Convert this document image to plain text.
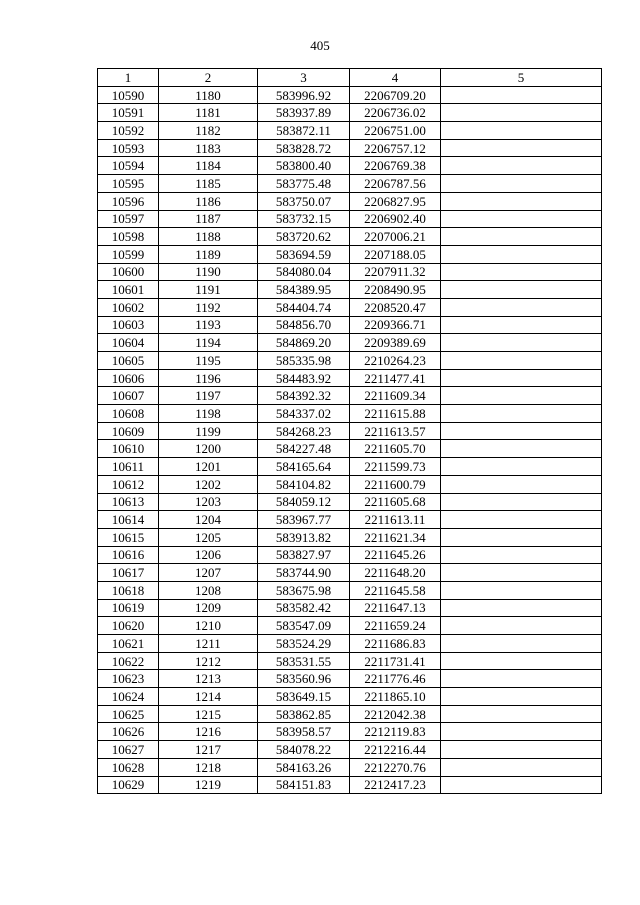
405
1	2	3	4	5
10590	1180	583996.92	2206709.20	
10591	1181	583937.89	2206736.02	
10592	1182	583872.11	2206751.00	
10593	1183	583828.72	2206757.12	
10594	1184	583800.40	2206769.38	
10595	1185	583775.48	2206787.56	
10596	1186	583750.07	2206827.95	
10597	1187	583732.15	2206902.40	
10598	1188	583720.62	2207006.21	
10599	1189	583694.59	2207188.05	
10600	1190	584080.04	2207911.32	
10601	1191	584389.95	2208490.95	
10602	1192	584404.74	2208520.47	
10603	1193	584856.70	2209366.71	
10604	1194	584869.20	2209389.69	
10605	1195	585335.98	2210264.23	
10606	1196	584483.92	2211477.41	
10607	1197	584392.32	2211609.34	
10608	1198	584337.02	2211615.88	
10609	1199	584268.23	2211613.57	
10610	1200	584227.48	2211605.70	
10611	1201	584165.64	2211599.73	
10612	1202	584104.82	2211600.79	
10613	1203	584059.12	2211605.68	
10614	1204	583967.77	2211613.11	
10615	1205	583913.82	2211621.34	
10616	1206	583827.97	2211645.26	
10617	1207	583744.90	2211648.20	
10618	1208	583675.98	2211645.58	
10619	1209	583582.42	2211647.13	
10620	1210	583547.09	2211659.24	
10621	1211	583524.29	2211686.83	
10622	1212	583531.55	2211731.41	
10623	1213	583560.96	2211776.46	
10624	1214	583649.15	2211865.10	
10625	1215	583862.85	2212042.38	
10626	1216	583958.57	2212119.83	
10627	1217	584078.22	2212216.44	
10628	1218	584163.26	2212270.76	
10629	1219	584151.83	2212417.23	
